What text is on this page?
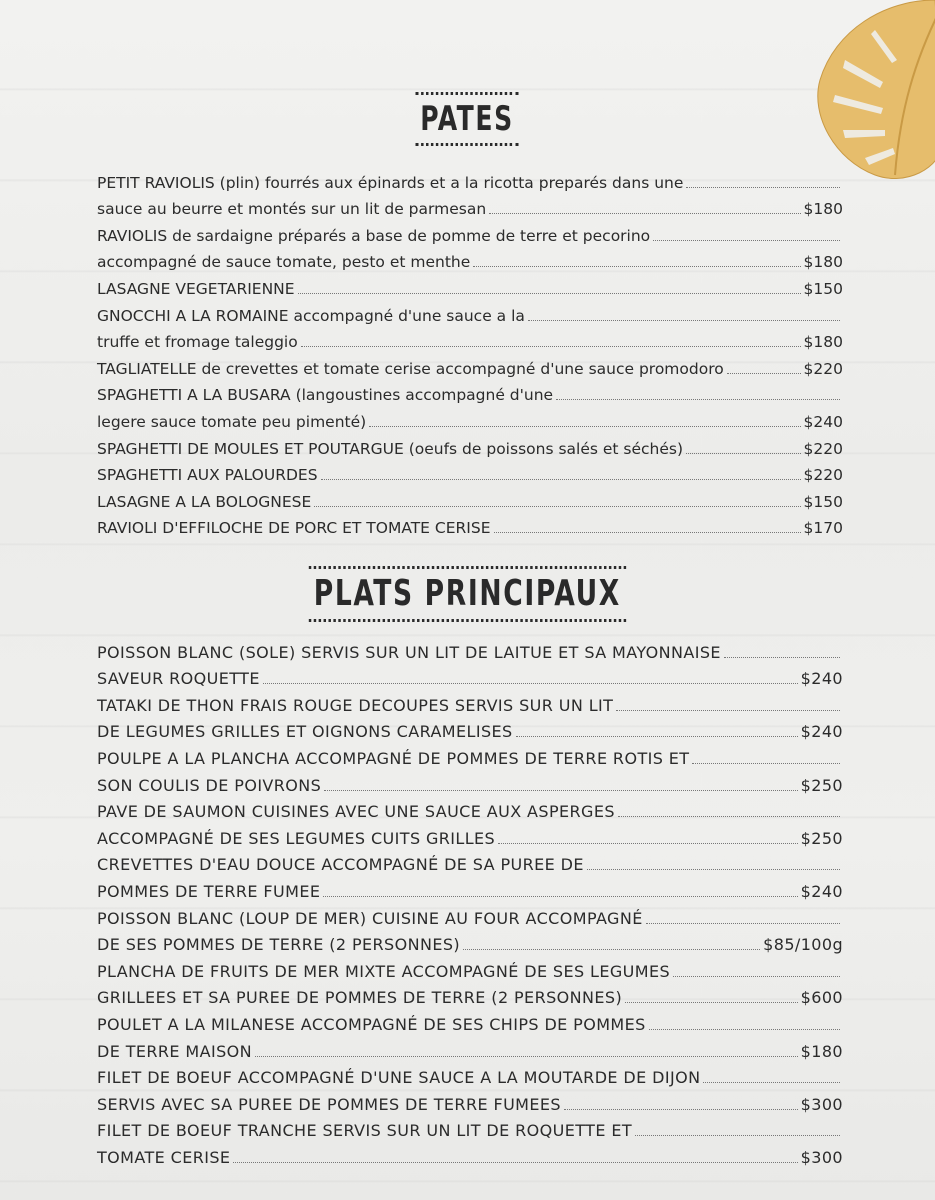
PATES
PETIT RAVIOLIS (plin) fourrés aux épinards et a la ricotta preparés dans une
sauce au beurre et montés sur un lit de parmesan	$180
RAVIOLIS de sardaigne préparés a base de pomme de terre et pecorino
accompagné de sauce tomate, pesto et menthe	$180
LASAGNE VEGETARIENNE	$150
GNOCCHI A LA ROMAINE accompagné d'une sauce a la
truffe et fromage taleggio	$180
TAGLIATELLE de crevettes et tomate cerise accompagné d'une sauce promodoro	$220
SPAGHETTI A LA BUSARA (langoustines accompagné d'une
legere sauce tomate peu pimenté)	$240
SPAGHETTI DE MOULES ET POUTARGUE (oeufs de poissons salés et séchés)	$220
SPAGHETTI AUX PALOURDES	$220
LASAGNE A LA BOLOGNESE	$150
RAVIOLI D'EFFILOCHE DE PORC ET TOMATE CERISE	$170
PLATS PRINCIPAUX
POISSON BLANC (SOLE) SERVIS SUR UN LIT DE LAITUE ET SA MAYONNAISE
SAVEUR ROQUETTE	$240
TATAKI DE THON FRAIS ROUGE DECOUPES SERVIS SUR UN LIT
DE LEGUMES GRILLES ET OIGNONS CARAMELISES	$240
POULPE A LA PLANCHA ACCOMPAGNÉ DE POMMES DE TERRE ROTIS ET
SON COULIS DE POIVRONS	$250
PAVE DE SAUMON CUISINES AVEC UNE SAUCE AUX ASPERGES
ACCOMPAGNÉ DE SES LEGUMES CUITS GRILLES	$250
CREVETTES D'EAU DOUCE ACCOMPAGNÉ DE SA PUREE DE
POMMES DE TERRE FUMEE	$240
POISSON BLANC (LOUP DE MER) CUISINE AU FOUR ACCOMPAGNÉ
DE SES POMMES DE TERRE (2 PERSONNES)	$85/100g
PLANCHA DE FRUITS DE MER MIXTE ACCOMPAGNÉ DE SES LEGUMES
GRILLEES ET SA PUREE DE POMMES DE TERRE (2 PERSONNES)	$600
POULET A LA MILANESE ACCOMPAGNÉ DE SES CHIPS DE POMMES
DE TERRE MAISON	$180
FILET DE BOEUF ACCOMPAGNÉ D'UNE SAUCE A LA MOUTARDE DE DIJON
SERVIS AVEC SA PUREE DE POMMES DE TERRE FUMEES	$300
FILET DE BOEUF TRANCHE SERVIS SUR UN LIT DE ROQUETTE ET
TOMATE CERISE	$300
